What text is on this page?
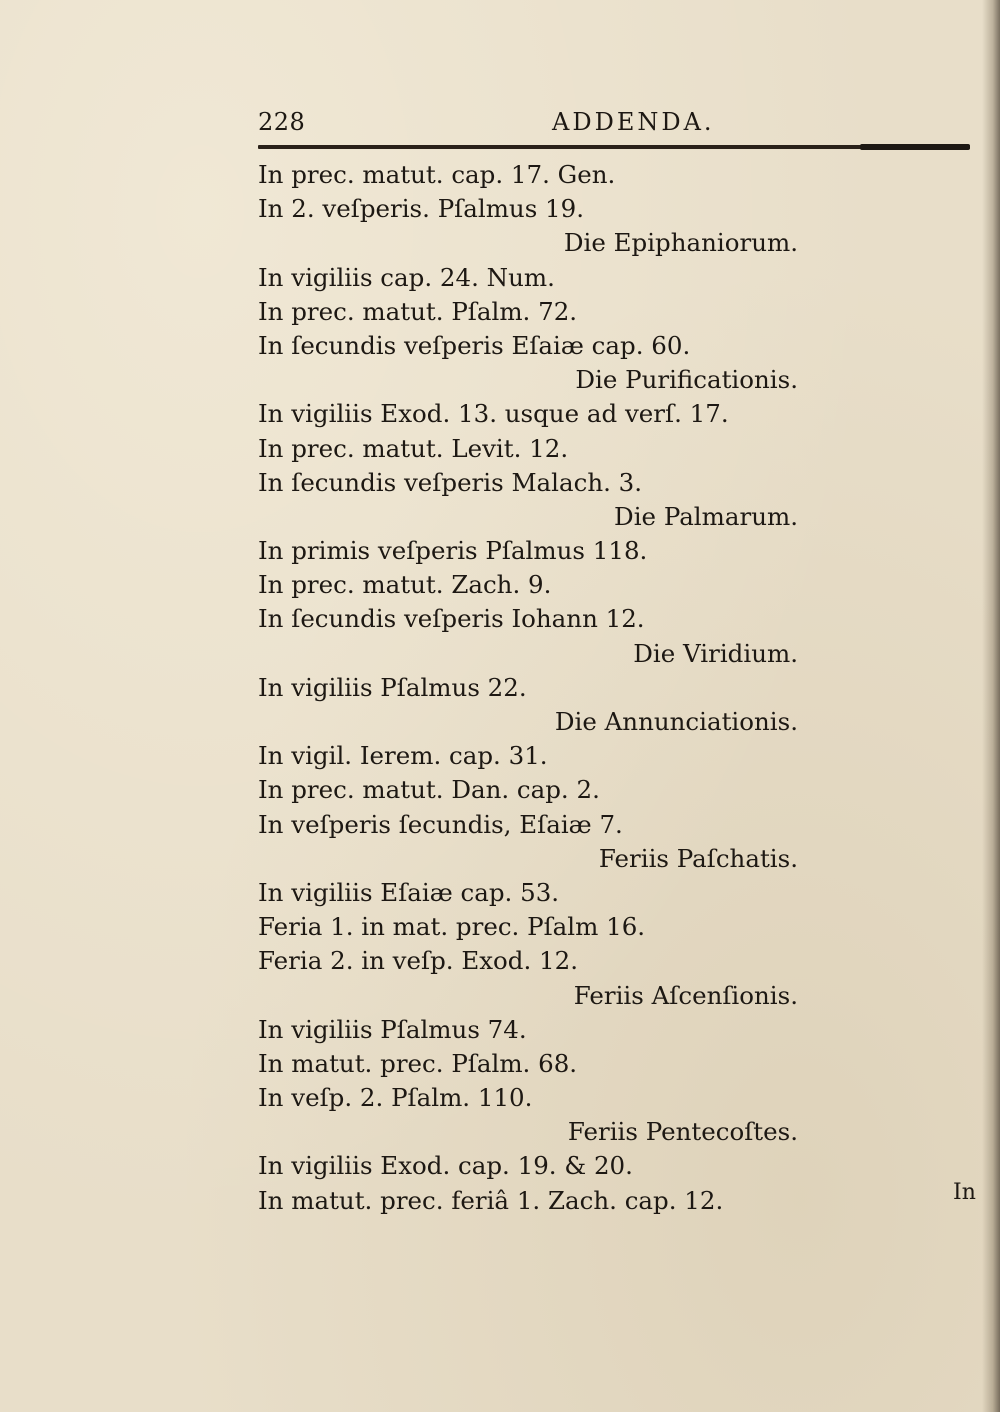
228	ADDENDA.
In prec. matut. cap. 17. Gen.
In 2. veſperis. Pſalmus 19.
Die Epiphaniorum.
In vigiliis cap. 24. Num.
In prec. matut. Pſalm. 72.
In ſecundis veſperis Eſaiæ cap. 60.
Die Purificationis.
In vigiliis Exod. 13. usque ad verſ. 17.
In prec. matut. Levit. 12.
In ſecundis veſperis Malach. 3.
Die Palmarum.
In primis veſperis Pſalmus 118.
In prec. matut. Zach. 9.
In ſecundis veſperis Iohann 12.
Die Viridium.
In vigiliis Pſalmus 22.
Die Annunciationis.
In vigil. Ierem. cap. 31.
In prec. matut. Dan. cap. 2.
In veſperis ſecundis, Eſaiæ 7.
Feriis Paſchatis.
In vigiliis Eſaiæ cap. 53.
Feria 1. in mat. prec. Pſalm 16.
Feria 2. in veſp. Exod. 12.
Feriis Aſcenſionis.
In vigiliis Pſalmus 74.
In matut. prec. Pſalm. 68.
In veſp. 2. Pſalm. 110.
Feriis Pentecoſtes.
In vigiliis Exod. cap. 19. & 20.
In matut. prec. feriâ 1. Zach. cap. 12.	In
